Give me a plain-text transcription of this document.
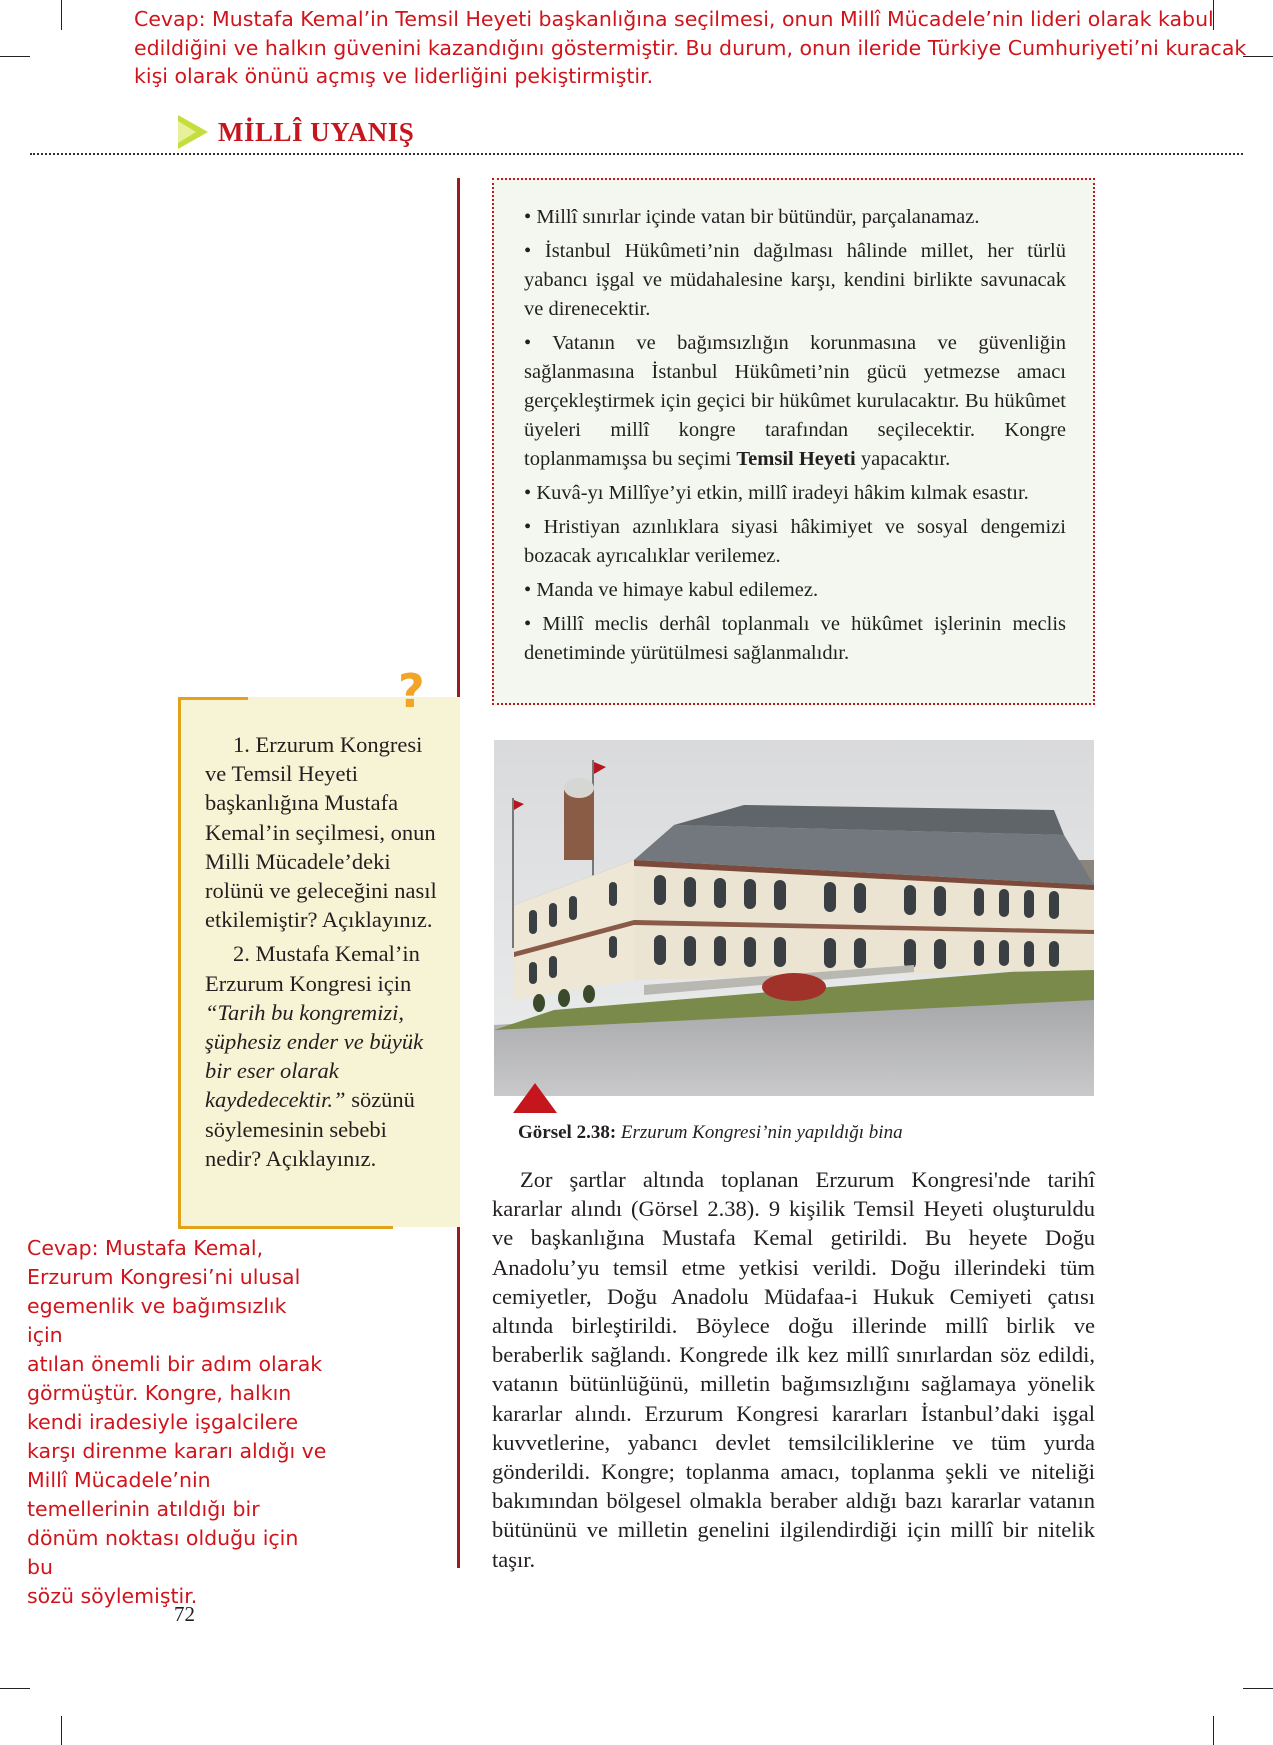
Cevap: Mustafa Kemal’in Temsil Heyeti başkanlığına seçilmesi, onun Millî Mücadele’nin lideri olarak kabul edildiğini ve halkın güvenini kazandığını göstermiştir. Bu durum, onun ileride Türkiye Cumhuriyeti’ni kuracak kişi olarak önünü açmış ve liderliğini pekiştirmiştir.
MİLLÎ UYANIŞ

• Millî sınırlar içinde vatan bir bütündür, parçalanamaz.

• İstanbul Hükûmeti’nin dağılması hâlinde millet, her türlü yabancı işgal ve müdahalesine karşı, kendini birlikte savunacak ve direnecektir.

• Vatanın ve bağımsızlığın korunmasına ve güvenliğin sağlanmasına İstanbul Hükûmeti’nin gücü yetmezse amacı gerçekleştirmek için geçici bir hükûmet kurulacaktır. Bu hükûmet üyeleri millî kongre tarafından seçilecektir. Kongre toplanmamışsa bu seçimi Temsil Heyeti yapacaktır.

• Kuvâ-yı Millîye’yi etkin, millî iradeyi hâkim kılmak esastır.

• Hristiyan azınlıklara siyasi hâkimiyet ve sosyal dengemizi bozacak ayrıcalıklar verilemez.

• Manda ve himaye kabul edilemez.

• Millî meclis derhâl toplanmalı ve hükûmet işlerinin meclis denetiminde yürütülmesi sağlanmalıdır.

1. Erzurum Kongresi ve Temsil Heyeti başkanlığına Mustafa Kemal’in seçilmesi, onun Milli Mücadele’deki rolünü ve geleceğini nasıl etkilemiştir? Açıklayınız.

2. Mustafa Kemal’in Erzurum Kongresi için “Tarih bu kongremizi, şüphesiz ender ve büyük bir eser olarak kaydedecektir.” sözünü söylemesinin sebebi nedir? Açıklayınız.

?
Cevap: Mustafa Kemal,
Erzurum Kongresi’ni ulusal
egemenlik ve bağımsızlık için
atılan önemli bir adım olarak
görmüştür. Kongre, halkın
kendi iradesiyle işgalcilere
karşı direnme kararı aldığı ve
Millî Mücadele’nin
temellerinin atıldığı bir
dönüm noktası olduğu için bu
sözü söylemiştir.
Görsel 2.38: Erzurum Kongresi’nin yapıldığı bina

Zor şartlar altında toplanan Erzurum Kongresi'nde tarihî kararlar alındı (Görsel 2.38). 9 kişilik Temsil Heyeti oluşturuldu ve başkanlığına Mustafa Kemal getirildi. Bu heyete Doğu Anadolu’yu temsil etme yetkisi verildi. Doğu illerindeki tüm cemiyetler, Doğu Anadolu Müdafaa-i Hukuk Cemiyeti çatısı altında birleştirildi. Böylece doğu illerinde millî birlik ve beraberlik sağlandı. Kongrede ilk kez millî sınırlardan söz edildi, vatanın bütünlüğünü, milletin bağımsızlığını sağlamaya yönelik kararlar alındı. Erzurum Kongresi kararları İstanbul’daki işgal kuvvetlerine, yabancı devlet temsilciliklerine ve tüm yurda gönderildi. Kongre; toplanma amacı, toplanma şekli ve niteliği bakımından bölgesel olmakla beraber aldığı bazı kararlar vatanın bütününü ve milletin genelini ilgilendirdiği için millî bir nitelik taşır.

72
